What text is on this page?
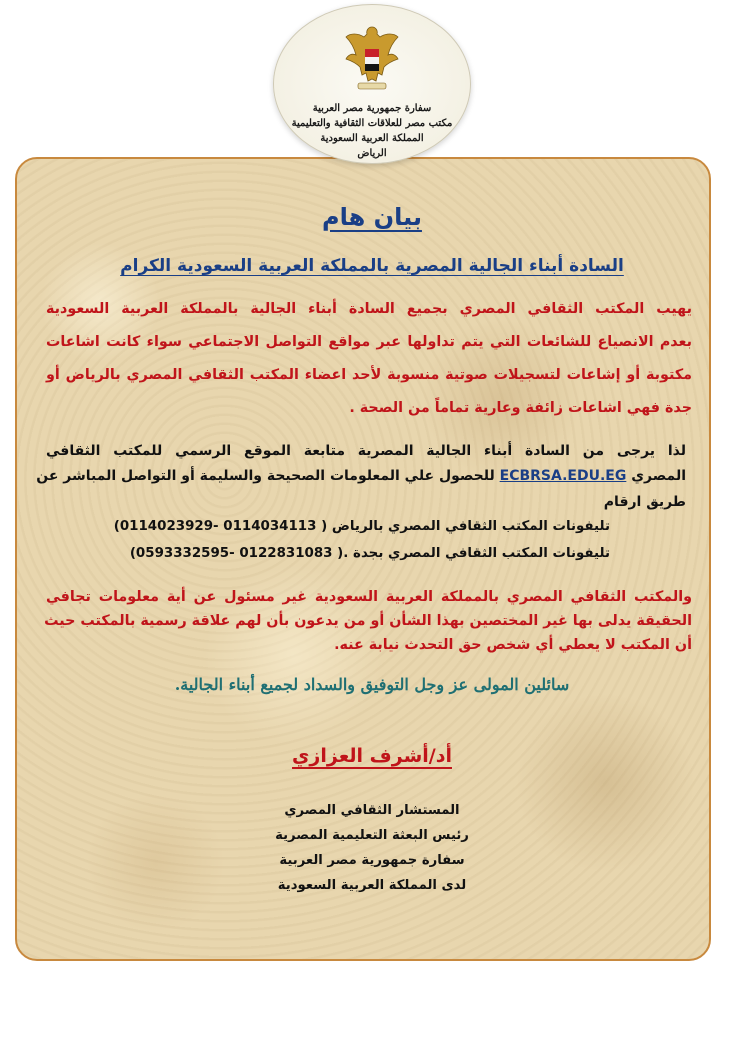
سفارة جمهورية مصر العربية
مكتب مصر للعلاقات الثقافية والتعليمية
المملكة العربية السعودية
الرياض
بيان هام
السادة أبناء الجالية المصرية بالمملكة العربية السعودية الكرام
يهيب المكتب الثقافي المصري بجميع السادة أبناء الجالية بالمملكة العربية السعودية
بعدم الانصياع للشائعات التي يتم تداولها عبر مواقع التواصل الاجتماعي سواء كانت اشاعات
مكتوبة أو إشاعات لتسجيلات صوتية منسوبة لأحد اعضاء المكتب الثقافي المصري بالرياض أو
جدة فهي اشاعات زائفة وعارية تماماً من الصحة .
لذا يرجى من السادة أبناء الجالية المصرية متابعة الموقع الرسمي للمكتب الثقافي
المصري ECBRSA.EDU.EG للحصول علي المعلومات الصحيحة والسليمة أو التواصل المباشر عن
طريق ارقام
تليفونات المكتب الثقافي المصري بالرياض (0114023929- 0114034113 )
تليفونات المكتب الثقافي المصري بجدة (0593332595- 0122831083 ).
والمكتب الثقافي المصري بالمملكة العربية السعودية غير مسئول عن أية معلومات تجافي
الحقيقة يدلى بها غير المختصين بهذا الشأن أو من يدعون بأن لهم علاقة رسمية بالمكتب حيث
أن المكتب لا يعطي أي شخص حق التحدث نيابة عنه.
سائلين المولى عز وجل التوفيق والسداد لجميع أبناء الجالية.
أد/أشرف العزازي
المستشار الثقافي المصري
رئيس البعثة التعليمية المصرية
سفارة جمهورية مصر العربية
لدى المملكة العربية السعودية
